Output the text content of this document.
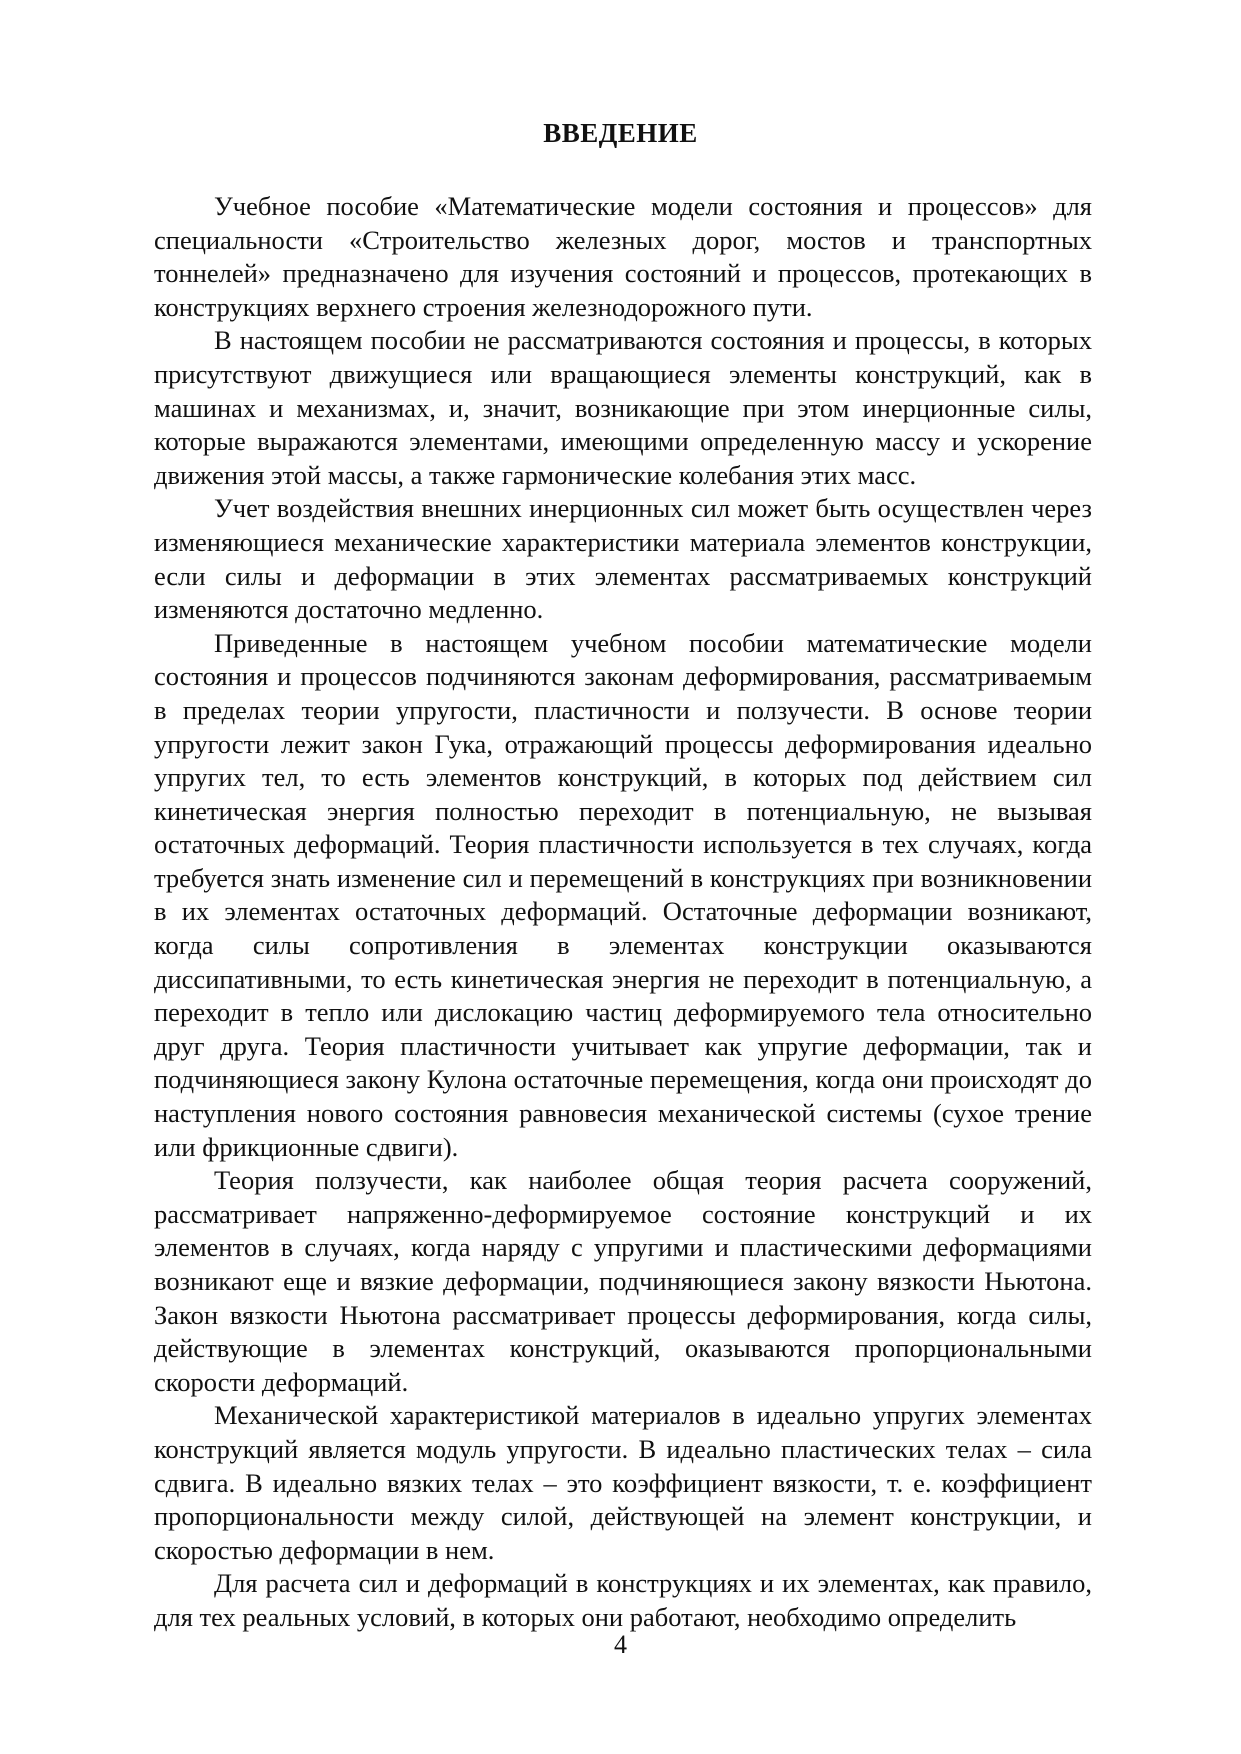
ВВЕДЕНИЕ

Учебное пособие «Математические модели состояния и процессов» для специальности «Строительство железных дорог, мостов и транспортных тоннелей» предназначено для изучения состояний и процессов, протекающих в конструкциях верхнего строения железнодорожного пути.

В настоящем пособии не рассматриваются состояния и процессы, в которых присутствуют движущиеся или вращающиеся элементы конструкций, как в машинах и механизмах, и, значит, возникающие при этом инерционные силы, которые выражаются элементами, имеющими определенную массу и ускорение движения этой массы, а также гармонические колебания этих масс.

Учет воздействия внешних инерционных сил может быть осуществлен через изменяющиеся механические характеристики материала элементов конструкции, если силы и деформации в этих элементах рассматриваемых конструкций изменяются достаточно медленно.

Приведенные в настоящем учебном пособии математические модели состояния и процессов подчиняются законам деформирования, рассматриваемым в пределах теории упругости, пластичности и ползучести. В основе теории упругости лежит закон Гука, отражающий процессы деформирования идеально упругих тел, то есть элементов конструкций, в которых под действием сил кинетическая энергия полностью переходит в потенциальную, не вызывая остаточных деформаций. Теория пластичности используется в тех случаях, когда требуется знать изменение сил и перемещений в конструкциях при возникновении в их элементах остаточных деформаций. Остаточные деформации возникают, когда силы сопротивления в элементах конструкции оказываются диссипативными, то есть кинетическая энергия не переходит в потенциальную, а переходит в тепло или дислокацию частиц деформируемого тела относительно друг друга. Теория пластичности учитывает как упругие деформации, так и подчиняющиеся закону Кулона остаточные перемещения, когда они происходят до наступления нового состояния равновесия механической системы (сухое трение или фрикционные сдвиги).

Теория ползучести, как наиболее общая теория расчета сооружений, рассматривает напряженно-деформируемое состояние конструкций и их элементов в случаях, когда наряду с упругими и пластическими деформациями возникают еще и вязкие деформации, подчиняющиеся закону вязкости Ньютона. Закон вязкости Ньютона рассматривает процессы деформирования, когда силы, действующие в элементах конструкций, оказываются пропорциональными скорости деформаций.

Механической характеристикой материалов в идеально упругих элементах конструкций является модуль упругости. В идеально пластических телах – сила сдвига. В идеально вязких телах – это коэффициент вязкости, т. е. коэффициент пропорциональности между силой, действующей на элемент конструкции, и скоростью деформации в нем.

Для расчета сил и деформаций в конструкциях и их элементах, как правило, для тех реальных условий, в которых они работают, необходимо определить

4
